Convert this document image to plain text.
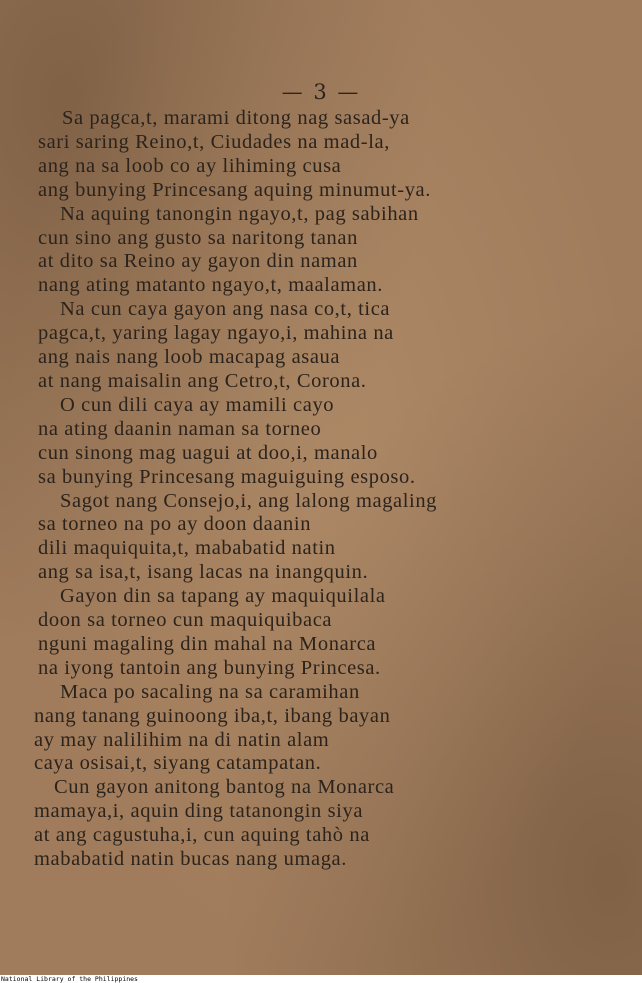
— 3 —
Sa pagca,t, marami ditong nag sasad-ya
sari saring Reino,t, Ciudades na mad-la,
ang na sa loob co ay lihiming cusa
ang bunying Princesang aquing minumut-ya.
Na aquing tanongin ngayo,t, pag sabihan
cun sino ang gusto sa naritong tanan
at dito sa Reino ay gayon din naman
nang ating matanto ngayo,t, maalaman.
Na cun caya gayon ang nasa co,t, tica
pagca,t, yaring lagay ngayo,i, mahina na
ang nais nang loob macapag asaua
at nang maisalin ang Cetro,t, Corona.
O cun dili caya ay mamili cayo
na ating daanin naman sa torneo
cun sinong mag uagui at doo,i, manalo
sa bunying Princesang maguiguing esposo.
Sagot nang Consejo,i, ang lalong magaling
sa torneo na po ay doon daanin
dili maquiquita,t, mababatid natin
ang sa isa,t, isang lacas na inangquin.
Gayon din sa tapang ay maquiquilala
doon sa torneo cun maquiquibaca
nguni magaling din mahal na Monarca
na iyong tantoin ang bunying Princesa.
Maca po sacaling na sa caramihan
nang tanang guinoong iba,t, ibang bayan
ay may nalilihim na di natin alam
caya osisai,t, siyang catampatan.
Cun gayon anitong bantog na Monarca
mamaya,i, aquin ding tatanongin siya
at ang cagustuha,i, cun aquing tahò na
mababatid natin bucas nang umaga.
National Library of the Philippines
